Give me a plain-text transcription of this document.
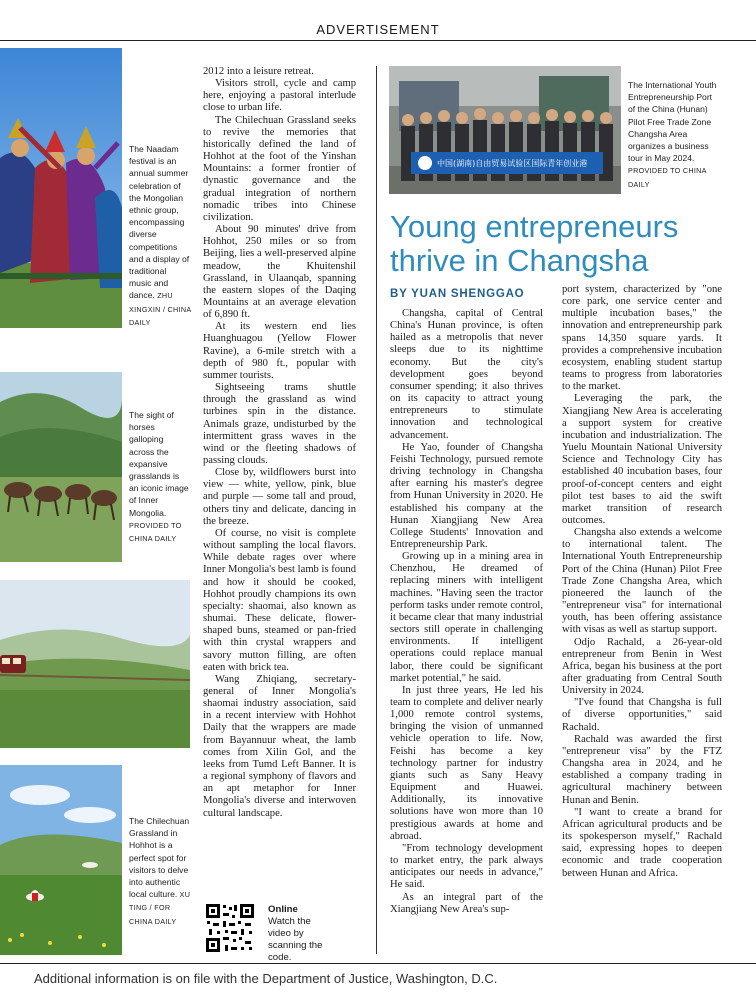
ADVERTISEMENT
The Naadam festival is an annual summer celebration of the Mongolian ethnic group, encompassing diverse competitions and a display of traditional music and dance. ZHU XINGXIN / CHINA DAILY
The sight of horses galloping across the expansive grasslands is an iconic image of Inner Mongolia. PROVIDED TO CHINA DAILY
The Chilechuan Grassland in Hohhot is a perfect spot for visitors to delve into authentic local culture. XU TING / FOR CHINA DAILY

2012 into a leisure retreat.

Visitors stroll, cycle and camp here, enjoying a pastoral interlude close to urban life.

The Chilechuan Grassland seeks to revive the memories that historically defined the land of Hohhot at the foot of the Yinshan Mountains: a former frontier of dynastic governance and the gradual integration of northern nomadic tribes into Chinese civilization.

About 90 minutes' drive from Hohhot, 250 miles or so from Beijing, lies a well-preserved alpine meadow, the Khuitenshil Grassland, in Ulaanqab, spanning the eastern slopes of the Daqing Mountains at an average elevation of 6,890 ft.

At its western end lies Huanghuagou (Yellow Flower Ravine), a 6-mile stretch with a depth of 980 ft., popular with summer tourists.

Sightseeing trams shuttle through the grassland as wind turbines spin in the distance. Animals graze, undisturbed by the intermittent grass waves in the wind or the fleeting shadows of passing clouds.

Close by, wildflowers burst into view — white, yellow, pink, blue and purple — some tall and proud, others tiny and delicate, dancing in the breeze.

Of course, no visit is complete without sampling the local flavors. While debate rages over where Inner Mongolia's best lamb is found and how it should be cooked, Hohhot proudly champions its own specialty: shaomai, also known as shumai. These delicate, flower-shaped buns, steamed or pan-fried with thin crystal wrappers and savory mutton filling, are often eaten with brick tea.

Wang Zhiqiang, secretary-general of Inner Mongolia's shaomai industry association, said in a recent interview with Hohhot Daily that the wrappers are made from Bayannuur wheat, the lamb comes from Xilin Gol, and the leeks from Tumd Left Banner. It is a regional symphony of flavors and an apt metaphor for Inner Mongolia's diverse and interwoven cultural landscape.

Online
Watch the video by scanning the code.
中国(湖南)自由贸易试验区国际青年创业港
The International Youth Entrepreneurship Port of the China (Hunan) Pilot Free Trade Zone Changsha Area organizes a business tour in May 2024. PROVIDED TO CHINA DAILY
Young entrepreneurs thrive in Changsha
BY YUAN SHENGGAO

Changsha, capital of Central China's Hunan province, is often hailed as a metropolis that never sleeps due to its nighttime economy. But the city's development goes beyond consumer spending; it also thrives on its capacity to attract young entrepreneurs to stimulate innovation and technological advancement.

He Yao, founder of Changsha Feishi Technology, pursued remote driving technology in Changsha after earning his master's degree from Hunan University in 2020. He established his company at the Hunan Xiangjiang New Area College Students' Innovation and Entrepreneurship Park.

Growing up in a mining area in Chenzhou, He dreamed of replacing miners with intelligent machines. "Having seen the tractor perform tasks under remote control, it became clear that many industrial sectors still operate in challenging environments. If intelligent operations could replace manual labor, there could be significant market potential," he said.

In just three years, He led his team to complete and deliver nearly 1,000 remote control systems, bringing the vision of unmanned vehicle operation to life. Now, Feishi has become a key technology partner for industry giants such as Sany Heavy Equipment and Huawei. Additionally, its innovative solutions have won more than 10 prestigious awards at home and abroad.

"From technology development to market entry, the park always anticipates our needs in advance," He said.

As an integral part of the Xiangjiang New Area's sup-

port system, characterized by "one core park, one service center and multiple incubation bases," the innovation and entrepreneurship park spans 14,350 square yards. It provides a comprehensive incubation ecosystem, enabling student startup teams to progress from laboratories to the market.

Leveraging the park, the Xiangjiang New Area is accelerating a support system for creative incubation and industrialization. The Yuelu Mountain National University Science and Technology City has established 40 incubation bases, four proof-of-concept centers and eight pilot test bases to aid the swift market transition of research outcomes.

Changsha also extends a welcome to international talent. The International Youth Entrepreneurship Port of the China (Hunan) Pilot Free Trade Zone Changsha Area, which pioneered the launch of the "entrepreneur visa" for international youth, has been offering assistance with visas as well as startup support.

Odjo Rachald, a 26-year-old entrepreneur from Benin in West Africa, began his business at the port after graduating from Central South University in 2024.

"I've found that Changsha is full of diverse opportunities," said Rachald.

Rachald was awarded the first "entrepreneur visa" by the FTZ Changsha area in 2024, and he established a company trading in agricultural machinery between Hunan and Benin.

"I want to create a brand for African agricultural products and be its spokesperson myself," Rachald said, expressing hopes to deepen economic and trade cooperation between Hunan and Africa.

Additional information is on file with the Department of Justice, Washington, D.C.
